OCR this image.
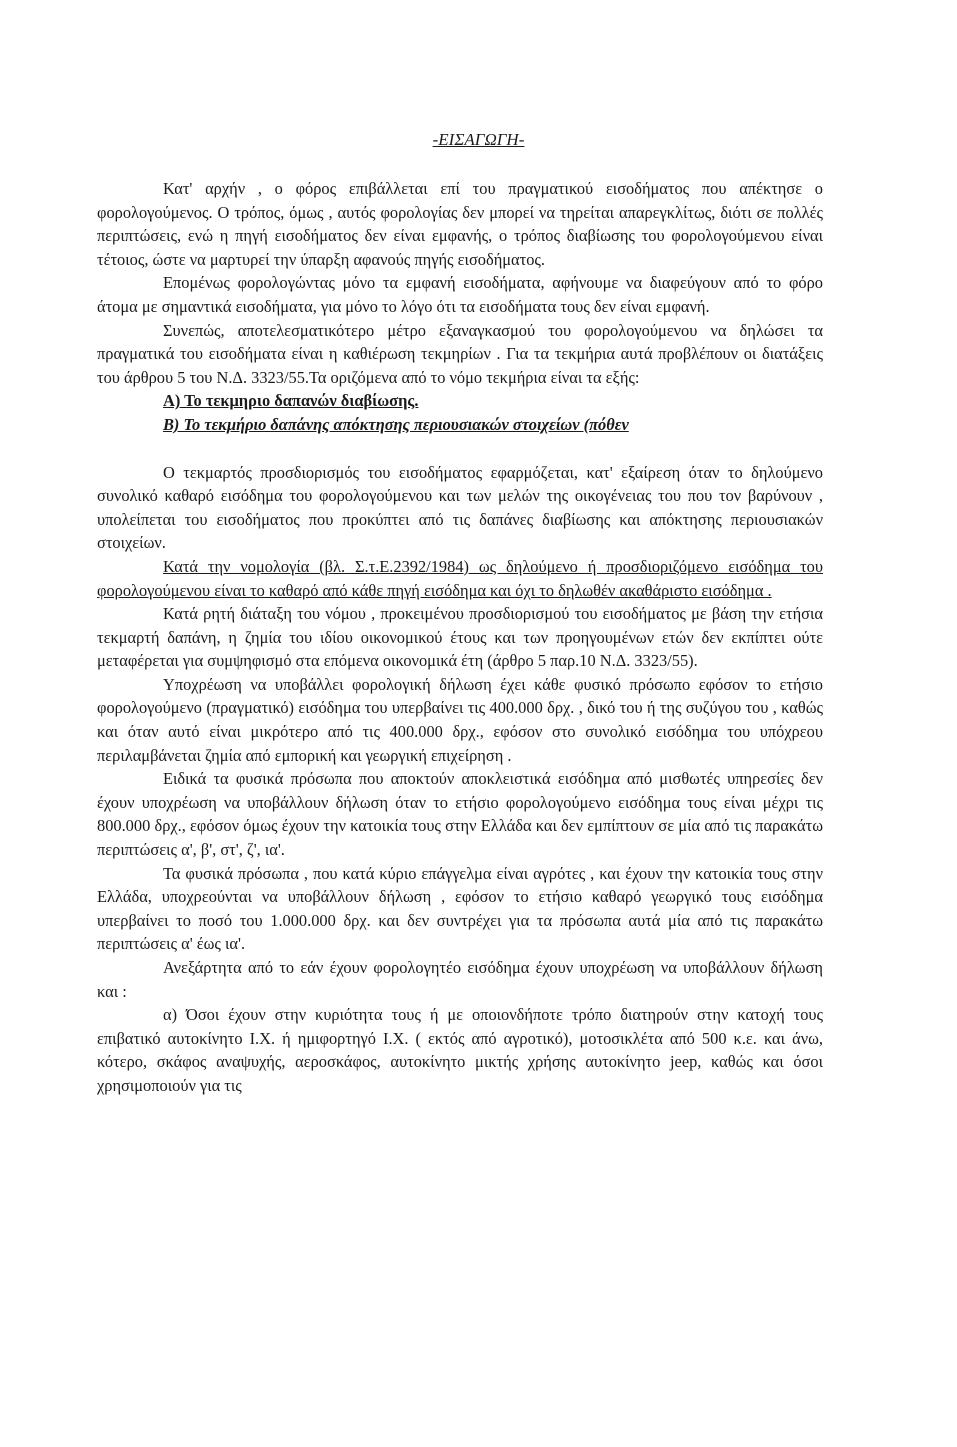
-ΕΙΣΑΓΩΓΗ-

Κατ' αρχήν , ο φόρος επιβάλλεται επί του πραγματικού εισοδήματος που απέκτησε ο φορολογούμενος. Ο τρόπος, όμως , αυτός φορολογίας δεν μπορεί να τηρείται απαρεγκλίτως, διότι σε πολλές περιπτώσεις, ενώ η πηγή εισοδήματος δεν είναι εμφανής, ο τρόπος διαβίωσης του φορολογούμενου είναι τέτοιος, ώστε να μαρτυρεί την ύπαρξη αφανούς πηγής εισοδήματος.

Επομένως φορολογώντας μόνο τα εμφανή εισοδήματα, αφήνουμε να διαφεύγουν από το φόρο άτομα με σημαντικά εισοδήματα, για μόνο το λόγο ότι τα εισοδήματα τους δεν είναι εμφανή.

Συνεπώς, αποτελεσματικότερο μέτρο εξαναγκασμού του φορολογούμενου να δηλώσει τα πραγματικά του εισοδήματα είναι η καθιέρωση τεκμηρίων . Για τα τεκμήρια αυτά προβλέπουν οι διατάξεις του άρθρου 5 του Ν.Δ. 3323/55.Τα οριζόμενα από το νόμο τεκμήρια είναι τα εξής:

Α) Το τεκμηριο δαπανών διαβίωσης.
Β) Το τεκμήριο δαπάνης απόκτησης περιουσιακών στοιχείων (πόθεν

Ο τεκμαρτός προσδιορισμός του εισοδήματος εφαρμόζεται, κατ' εξαίρεση όταν το δηλούμενο συνολικό καθαρό εισόδημα του φορολογούμενου και των μελών της οικογένειας του που τον βαρύνουν , υπολείπεται του εισοδήματος που προκύπτει από τις δαπάνες διαβίωσης και απόκτησης περιουσιακών στοιχείων.

Κατά την νομολογία (βλ. Σ.τ.Ε.2392/1984) ως δηλούμενο ή προσδιοριζόμενο εισόδημα του φορολογούμενου είναι το καθαρό από κάθε πηγή εισόδημα και όχι το δηλωθέν ακαθάριστο εισόδημα .

Κατά ρητή διάταξη του νόμου , προκειμένου προσδιορισμού του εισοδήματος με βάση την ετήσια τεκμαρτή δαπάνη, η ζημία του ιδίου οικονομικού έτους και των προηγουμένων ετών δεν εκπίπτει ούτε μεταφέρεται για συμψηφισμό στα επόμενα οικονομικά έτη (άρθρο 5 παρ.10 Ν.Δ. 3323/55).

Υποχρέωση να υποβάλλει φορολογική δήλωση έχει κάθε φυσικό πρόσωπο εφόσον το ετήσιο φορολογούμενο (πραγματικό) εισόδημα του υπερβαίνει τις 400.000 δρχ. , δικό του ή της συζύγου του , καθώς και όταν αυτό είναι μικρότερο από τις 400.000 δρχ., εφόσον στο συνολικό εισόδημα του υπόχρεου περιλαμβάνεται ζημία από εμπορική και γεωργική επιχείρηση .

Ειδικά τα φυσικά πρόσωπα που αποκτούν αποκλειστικά εισόδημα από μισθωτές υπηρεσίες δεν έχουν υποχρέωση να υποβάλλουν δήλωση όταν το ετήσιο φορολογούμενο εισόδημα τους είναι μέχρι τις 800.000 δρχ., εφόσον όμως έχουν την κατοικία τους στην Ελλάδα και δεν εμπίπτουν σε μία από τις παρακάτω περιπτώσεις α', β', στ', ζ', ια'.

Τα φυσικά πρόσωπα , που κατά κύριο επάγγελμα είναι αγρότες , και έχουν την κατοικία τους στην Ελλάδα, υποχρεούνται να υποβάλλουν δήλωση , εφόσον το ετήσιο καθαρό γεωργικό τους εισόδημα υπερβαίνει το ποσό του 1.000.000 δρχ. και δεν συντρέχει για τα πρόσωπα αυτά μία από τις παρακάτω περιπτώσεις α' έως ια'.

Ανεξάρτητα από το εάν έχουν φορολογητέο εισόδημα έχουν υποχρέωση να υποβάλλουν δήλωση και :

α) Όσοι έχουν στην κυριότητα τους ή με οποιονδήποτε τρόπο διατηρούν στην κατοχή τους επιβατικό αυτοκίνητο Ι.Χ. ή ημιφορτηγό Ι.Χ. ( εκτός από αγροτικό), μοτοσικλέτα από 500 κ.ε. και άνω, κότερο, σκάφος αναψυχής, αεροσκάφος, αυτοκίνητο μικτής χρήσης αυτοκίνητο jeep, καθώς και όσοι χρησιμοποιούν για τις
